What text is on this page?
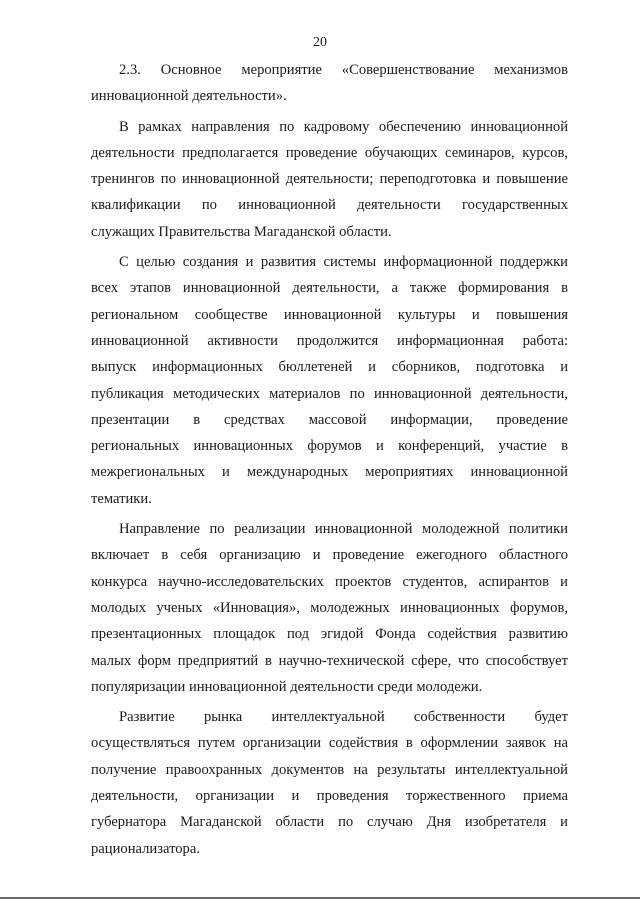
20
2.3. Основное мероприятие «Совершенствование механизмов
инновационной деятельности».
В рамках направления по кадровому обеспечению инновационной
деятельности предполагается проведение обучающих семинаров, курсов,
тренингов по инновационной деятельности; переподготовка и повышение
квалификации по инновационной деятельности государственных
служащих Правительства Магаданской области.
С целью создания и развития системы информационной поддержки
всех этапов инновационной деятельности, а также формирования в
региональном сообществе инновационной культуры и повышения
инновационной активности продолжится информационная работа:
выпуск информационных бюллетеней и сборников, подготовка и
публикация методических материалов по инновационной деятельности,
презентации в средствах массовой информации, проведение
региональных инновационных форумов и конференций, участие в
межрегиональных и международных мероприятиях инновационной
тематики.
Направление по реализации инновационной молодежной политики
включает в себя организацию и проведение ежегодного областного
конкурса научно-исследовательских проектов студентов, аспирантов и
молодых ученых «Инновация», молодежных инновационных форумов,
презентационных площадок под эгидой Фонда содействия развитию
малых форм предприятий в научно-технической сфере, что способствует
популяризации инновационной деятельности среди молодежи.
Развитие рынка интеллектуальной собственности будет
осуществляться путем организации содействия в оформлении заявок на
получение правоохранных документов на результаты интеллектуальной
деятельности, организации и проведения торжественного приема
губернатора Магаданской области по случаю Дня изобретателя и
рационализатора.
